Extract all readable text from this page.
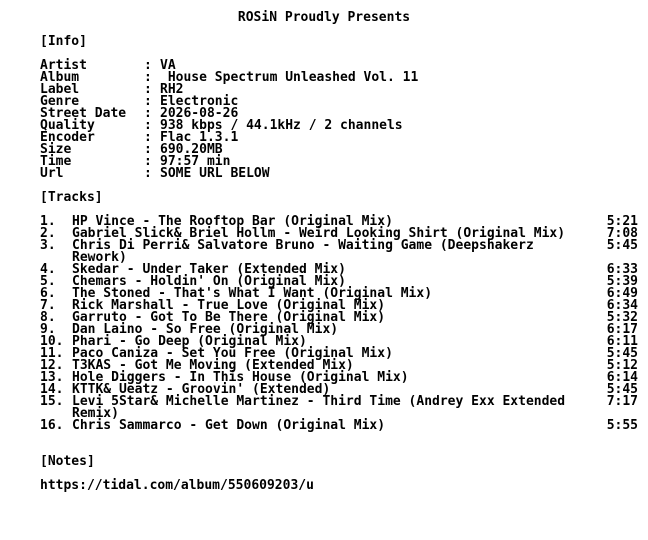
ROSiN Proudly Presents
[Info]
Artist	: VA
Album	: House Spectrum Unleashed Vol. 11
Label	: RH2
Genre	: Electronic
Street Date : 2026-08-26
Quality	: 938 kbps / 44.1kHz / 2 channels
Encoder	: Flac 1.3.1
Size	: 690.20MB
Time	: 97:57 min
Url	: SOME URL BELOW
[Tracks]
1. HP Vince - The Rooftop Bar (Original Mix)	5:21
2. Gabriel Slick& Briel Hollm - Weird Looking Shirt (Original Mix)	7:08
3. Chris Di Perri& Salvatore Bruno - Waiting Game (Deepshakerz	5:45
Rework)
4. Skedar - Under Taker (Extended Mix)	6:33
5. Chemars - Holdin' On (Original Mix)	5:39
6. The Stoned - That's What I Want (Original Mix)	6:49
7. Rick Marshall - True Love (Original Mix)	6:34
8. Garruto - Got To Be There (Original Mix)	5:32
9. Dan Laino - So Free (Original Mix)	6:17
10. Phari - Go Deep (Original Mix)	6:11
11. Paco Caniza - Set You Free (Original Mix)	5:45
12. T3KAS - Got Me Moving (Extended Mix)	5:12
13. Hole Diggers - In This House (Original Mix)	6:14
14. KTTK& Ueatz - Groovin' (Extended)	5:45
15. Levi 5Star& Michelle Martinez - Third Time (Andrey Exx Extended	7:17
Remix)
16. Chris Sammarco - Get Down (Original Mix)	5:55
[Notes]
https://tidal.com/album/550609203/u
